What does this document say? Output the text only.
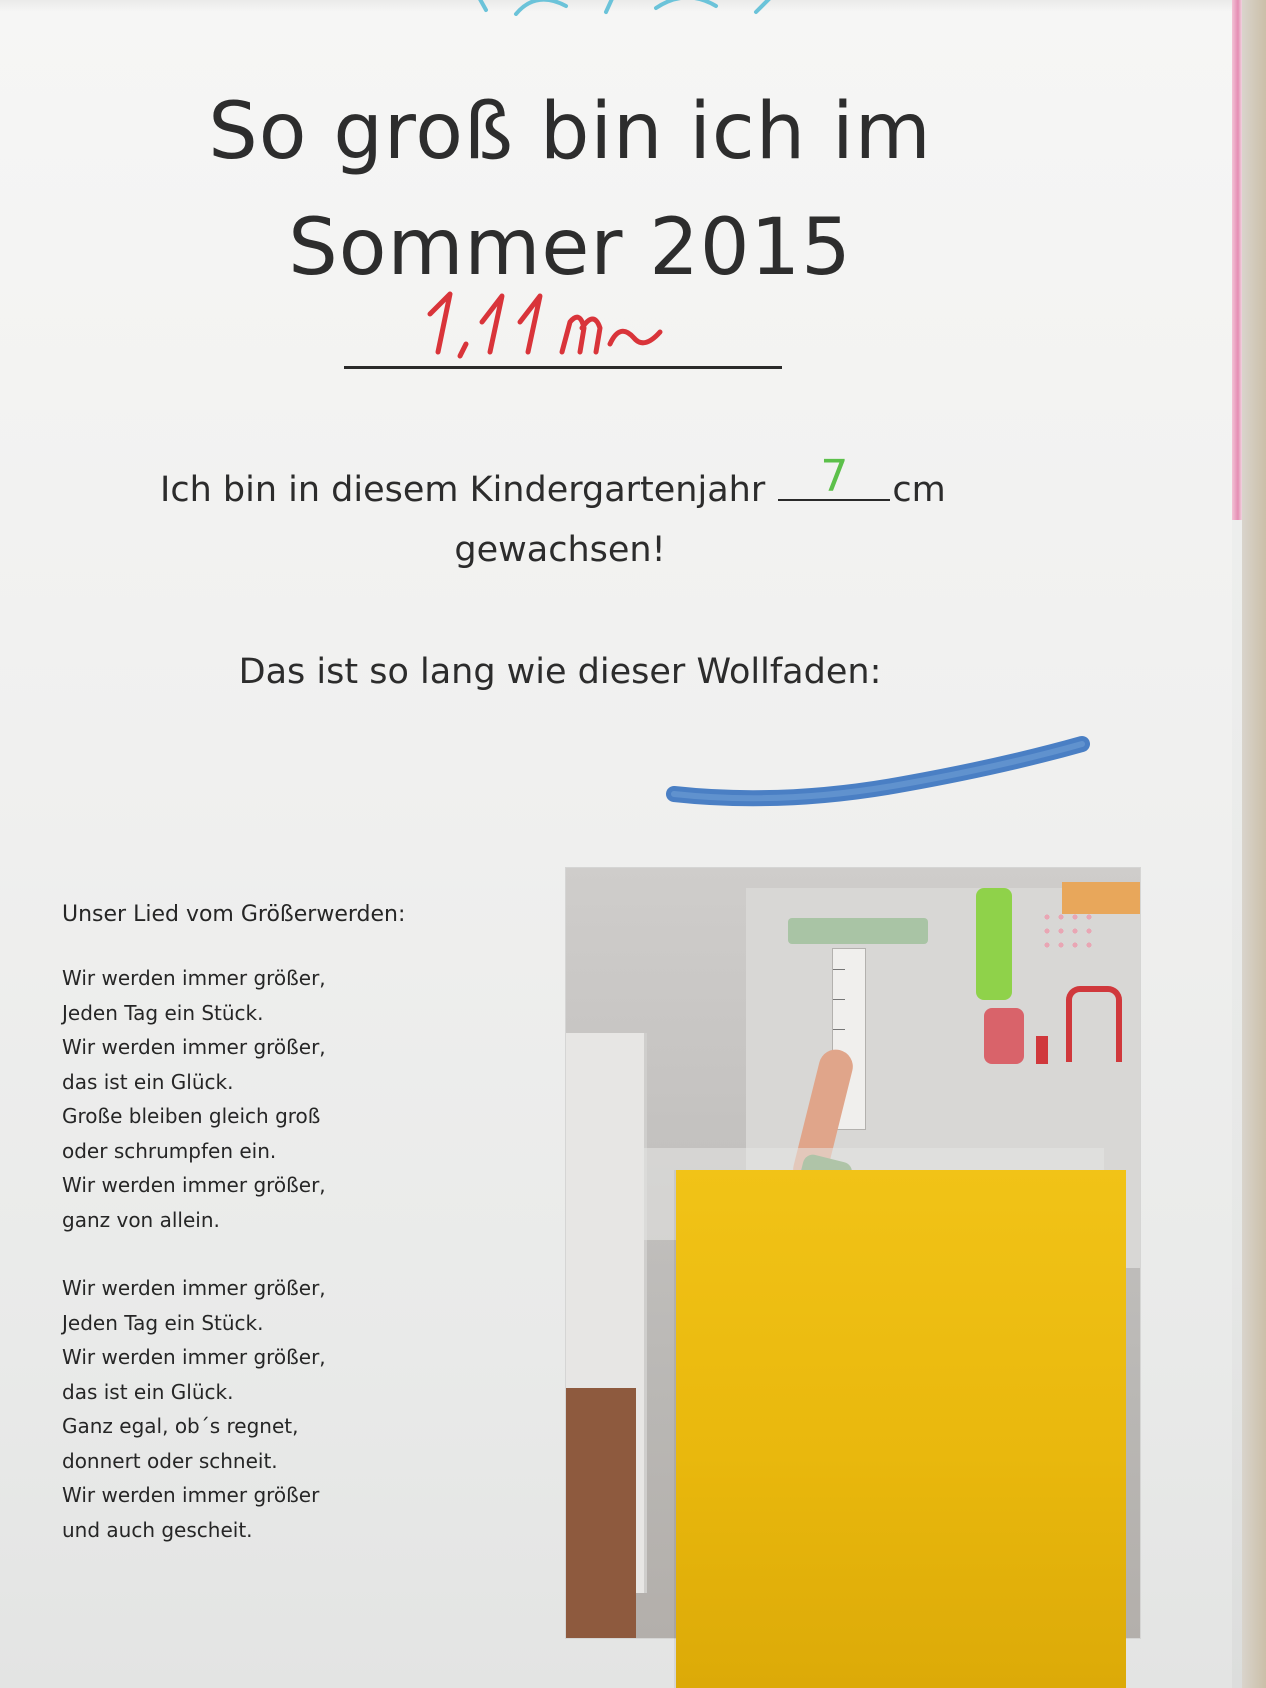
So groß bin ich im
Sommer 2015
Ich bin in diesem Kindergartenjahr	7	cm
gewachsen!
Das ist so lang wie dieser Wollfaden:
Unser Lied vom Größerwerden:
Wir werden immer größer,
Jeden Tag ein Stück.
Wir werden immer größer,
das ist ein Glück.
Große bleiben gleich groß
oder schrumpfen ein.
Wir werden immer größer,
ganz von allein.
Wir werden immer größer,
Jeden Tag ein Stück.
Wir werden immer größer,
das ist ein Glück.
Ganz egal, ob´s regnet,
donnert oder schneit.
Wir werden immer größer
und auch gescheit.
